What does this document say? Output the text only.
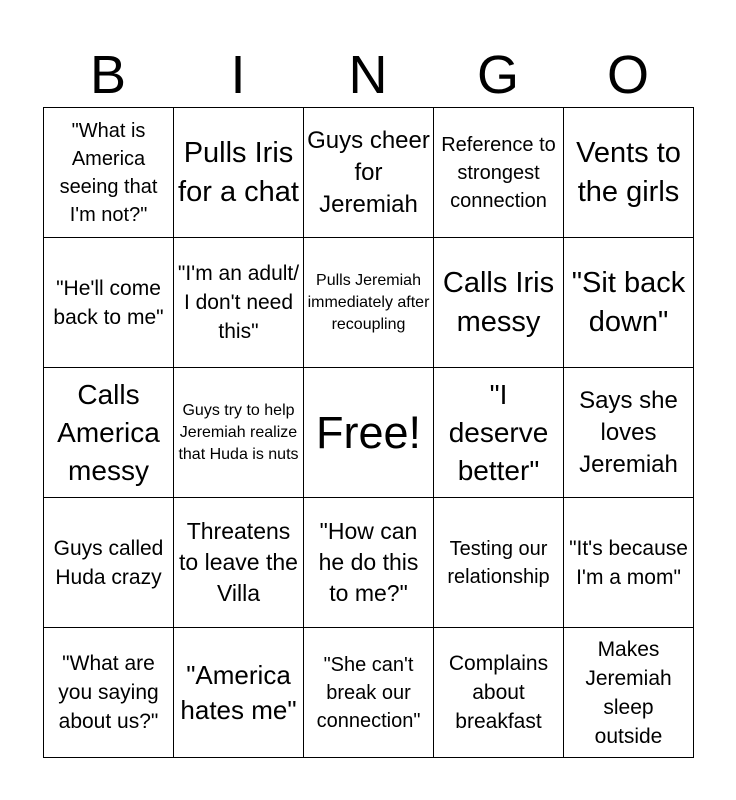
B	I	N	G	O
"What is America seeing that I'm not?"	Pulls Iris for a chat	Guys cheer for Jeremiah	Reference to strongest connection	Vents to the girls

"He'll come back to me"	"I'm an adult/ I don't need this"	Pulls Jeremiah immediately after recoupling	Calls Iris messy	"Sit back down"

Calls America messy	Guys try to help Jeremiah realize that Huda is nuts	Free!	"I deserve better"	Says she loves Jeremiah

Guys called Huda crazy	Threatens to leave the Villa	"How can he do this to me?"	Testing our relationship	"It's because I'm a mom"

"What are you saying about us?"	"America hates me"	"She can't break our connection"	Complains about breakfast	Makes Jeremiah sleep outside
